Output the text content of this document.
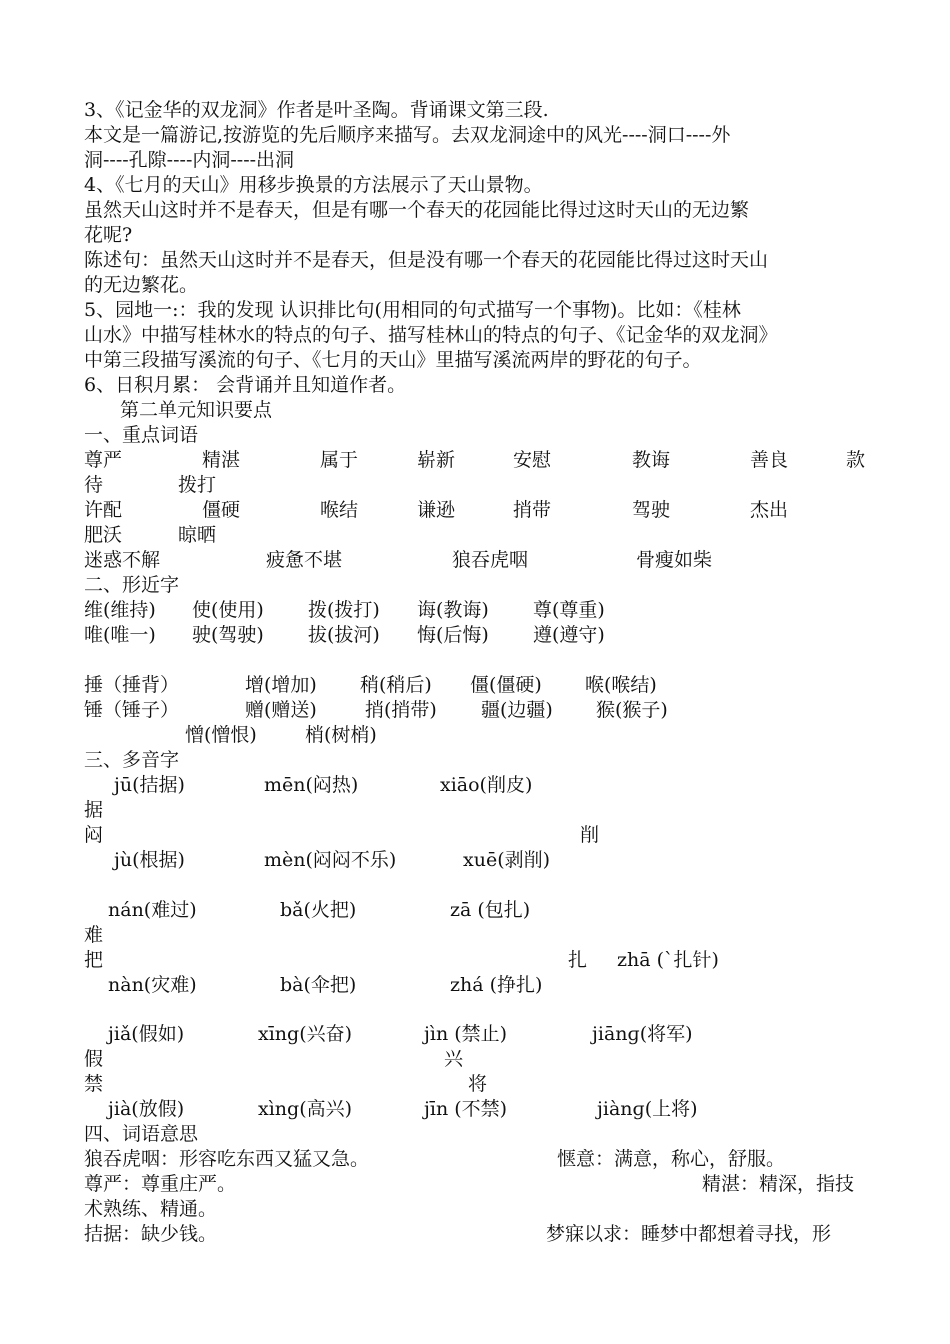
3、《记金华的双龙洞》作者是叶圣陶。背诵课文第三段.
本文是一篇游记,按游览的先后顺序来描写。去双龙洞途中的风光----洞口----外
洞----孔隙----内洞----出洞
4、《七月的天山》用移步换景的方法展示了天山景物。
虽然天山这时并不是春天，但是有哪一个春天的花园能比得过这时天山的无边繁
花呢?
陈述句：虽然天山这时并不是春天，但是没有哪一个春天的花园能比得过这时天山
的无边繁花。
5、园地一:：我的发现 认识排比句(用相同的句式描写一个事物)。比如：《桂林
山水》中描写桂林水的特点的句子、描写桂林山的特点的句子、《记金华的双龙洞》
中第三段描写溪流的句子、《七月的天山》里描写溪流两岸的野花的句子。
6、日积月累： 会背诵并且知道作者。
第二单元知识要点
一、重点词语
尊严	精湛	属于	崭新	安慰	教诲	善良	款
待	拨打
许配	僵硬	喉结	谦逊	捎带	驾驶	杰出
肥沃	晾晒
迷惑不解	疲惫不堪	狼吞虎咽	骨瘦如柴
二、形近字
维(维持) 使(使用) 拨(拨打) 诲(教诲) 尊(尊重)
唯(唯一) 驶(驾驶) 拔(拔河) 悔(后悔) 遵(遵守)
捶（捶背）	增(增加) 稍(稍后) 僵(僵硬) 喉(喉结)
锤（锤子）	赠(赠送)	捎(捎带) 疆(边疆) 猴(猴子)
憎(憎恨)	梢(树梢)
三、多音字
jū(拮据)	mēn(闷热)	xiāo(削皮)
据
闷	削
jù(根据)	mèn(闷闷不乐)	xuē(剥削)
nán(难过)	bǎ(火把)	zā (包扎)
难
把	扎 zhā (`扎针)
nàn(灾难)	bà(伞把)	zhá (挣扎)
jiǎ(假如)	xīng(兴奋)	jìn (禁止)	jiānɡ(将军)
假	兴
禁	将
jià(放假)	xìng(高兴)	jīn (不禁)	jiànɡ(上将)
四、词语意思
狼吞虎咽：形容吃东西又猛又急。	惬意：满意，称心，舒服。
尊严：尊重庄严。	精湛：精深，指技
术熟练、精通。
拮据：缺少钱。	梦寐以求：睡梦中都想着寻找，形
